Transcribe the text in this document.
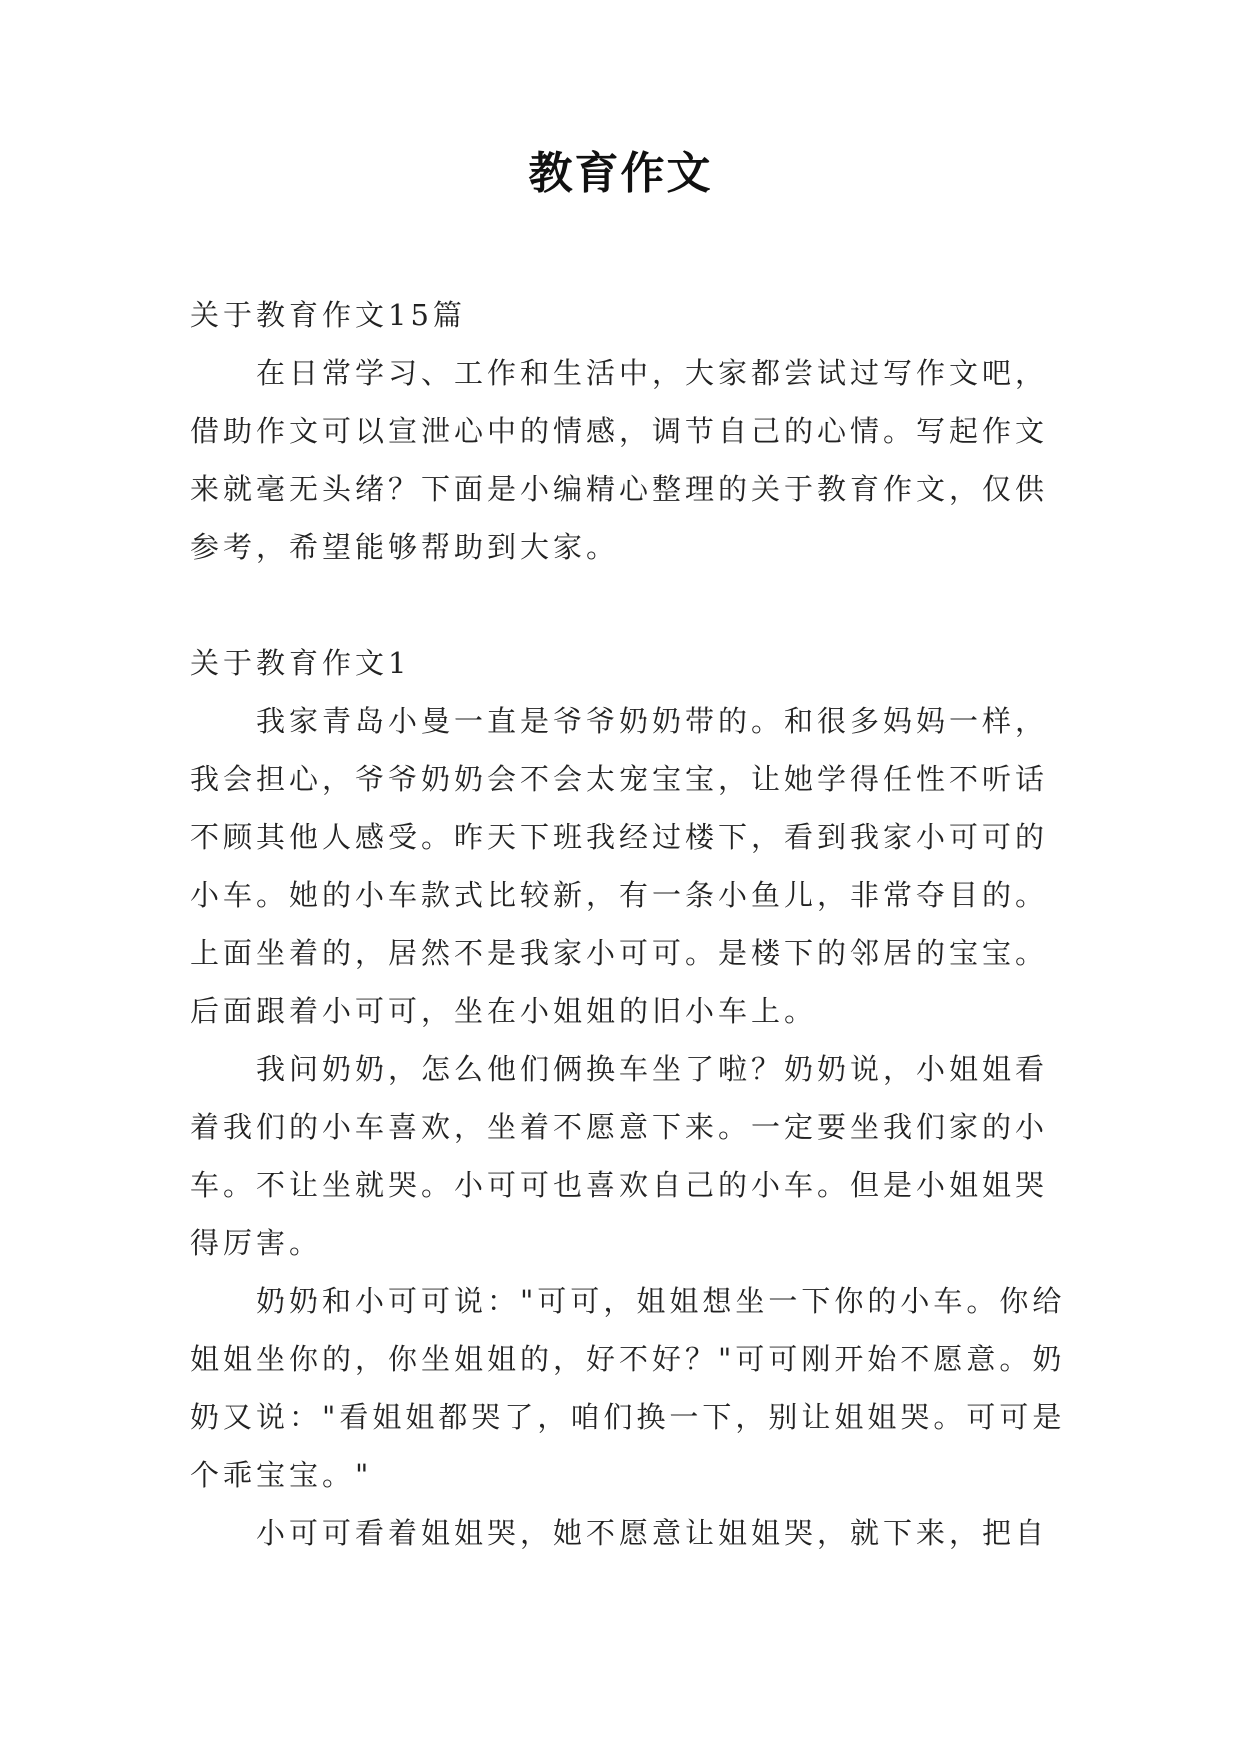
教育作文

关于教育作文15篇

在日常学习、工作和生活中，大家都尝试过写作文吧，借助作文可以宣泄心中的情感，调节自己的心情。写起作文来就毫无头绪？下面是小编精心整理的关于教育作文，仅供参考，希望能够帮助到大家。

关于教育作文1

我家青岛小曼一直是爷爷奶奶带的。和很多妈妈一样，我会担心，爷爷奶奶会不会太宠宝宝，让她学得任性不听话不顾其他人感受。昨天下班我经过楼下，看到我家小可可的小车。她的小车款式比较新，有一条小鱼儿，非常夺目的。上面坐着的，居然不是我家小可可。是楼下的邻居的宝宝。后面跟着小可可，坐在小姐姐的旧小车上。

我问奶奶，怎么他们俩换车坐了啦？奶奶说，小姐姐看着我们的小车喜欢，坐着不愿意下来。一定要坐我们家的小车。不让坐就哭。小可可也喜欢自己的小车。但是小姐姐哭得厉害。

奶奶和小可可说："可可，姐姐想坐一下你的小车。你给姐姐坐你的，你坐姐姐的，好不好？"可可刚开始不愿意。奶奶又说："看姐姐都哭了，咱们换一下，别让姐姐哭。可可是个乖宝宝。"

小可可看着姐姐哭，她不愿意让姐姐哭，就下来，把自
